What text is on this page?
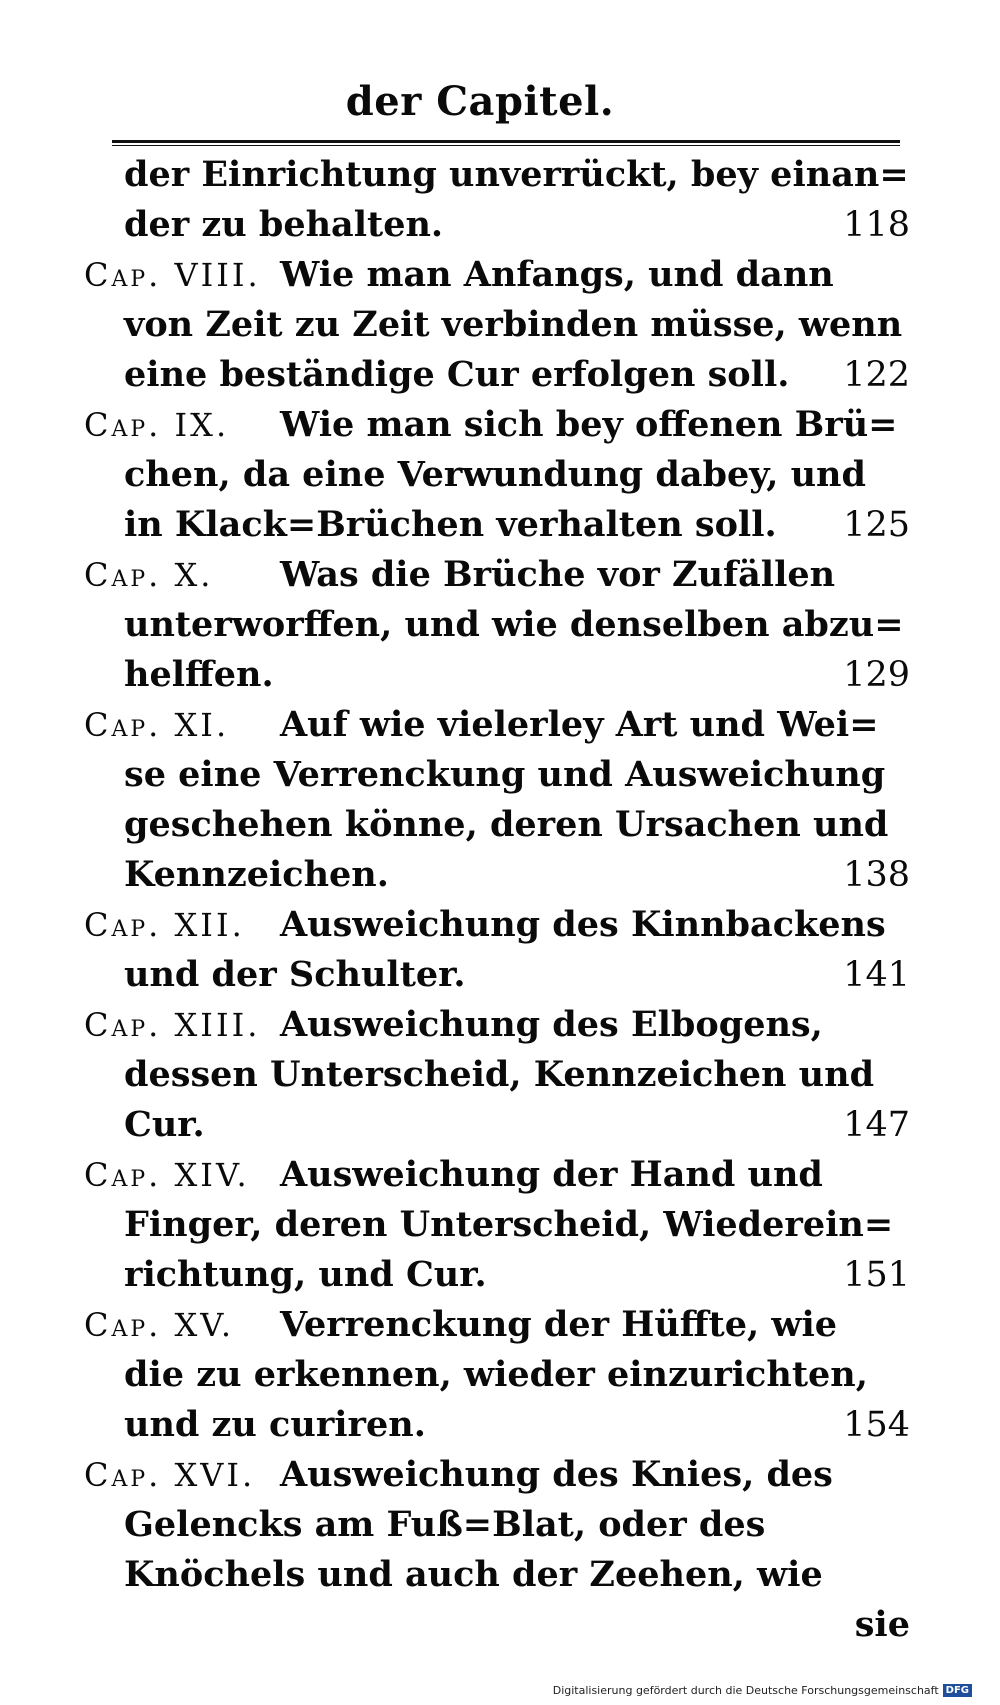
der Capitel.
der Einrichtung unverrückt, bey einan=
der zu behalten.	118
Cap. VIII. Wie man Anfangs, und dann
von Zeit zu Zeit verbinden müsse, wenn
eine beständige Cur erfolgen soll. 122
Cap. IX.	Wie man sich bey offenen Brü=
chen, da eine Verwundung dabey, und
in Klack=Brüchen verhalten soll. 125
Cap. X.	Was die Brüche vor Zufällen
unterworffen, und wie denselben abzu=
helffen.	129
Cap. XI.	Auf wie vielerley Art und Wei=
se eine Verrenckung und Ausweichung
geschehen könne, deren Ursachen und
Kennzeichen.	138
Cap. XII.	Ausweichung des Kinnbackens
und der Schulter.	141
Cap. XIII. Ausweichung des Elbogens,
dessen Unterscheid, Kennzeichen und
Cur.	147
Cap. XIV. Ausweichung der Hand und
Finger, deren Unterscheid, Wiederein=
richtung, und Cur.	151
Cap. XV.	Verrenckung der Hüffte, wie
die zu erkennen, wieder einzurichten,
und zu curiren.	154
Cap. XVI. Ausweichung des Knies, des
Gelencks am Fuß=Blat, oder des
Knöchels und auch der Zeehen, wie
sie
Digitalisierung gefördert durch die Deutsche Forschungsgemeinschaft DFG
